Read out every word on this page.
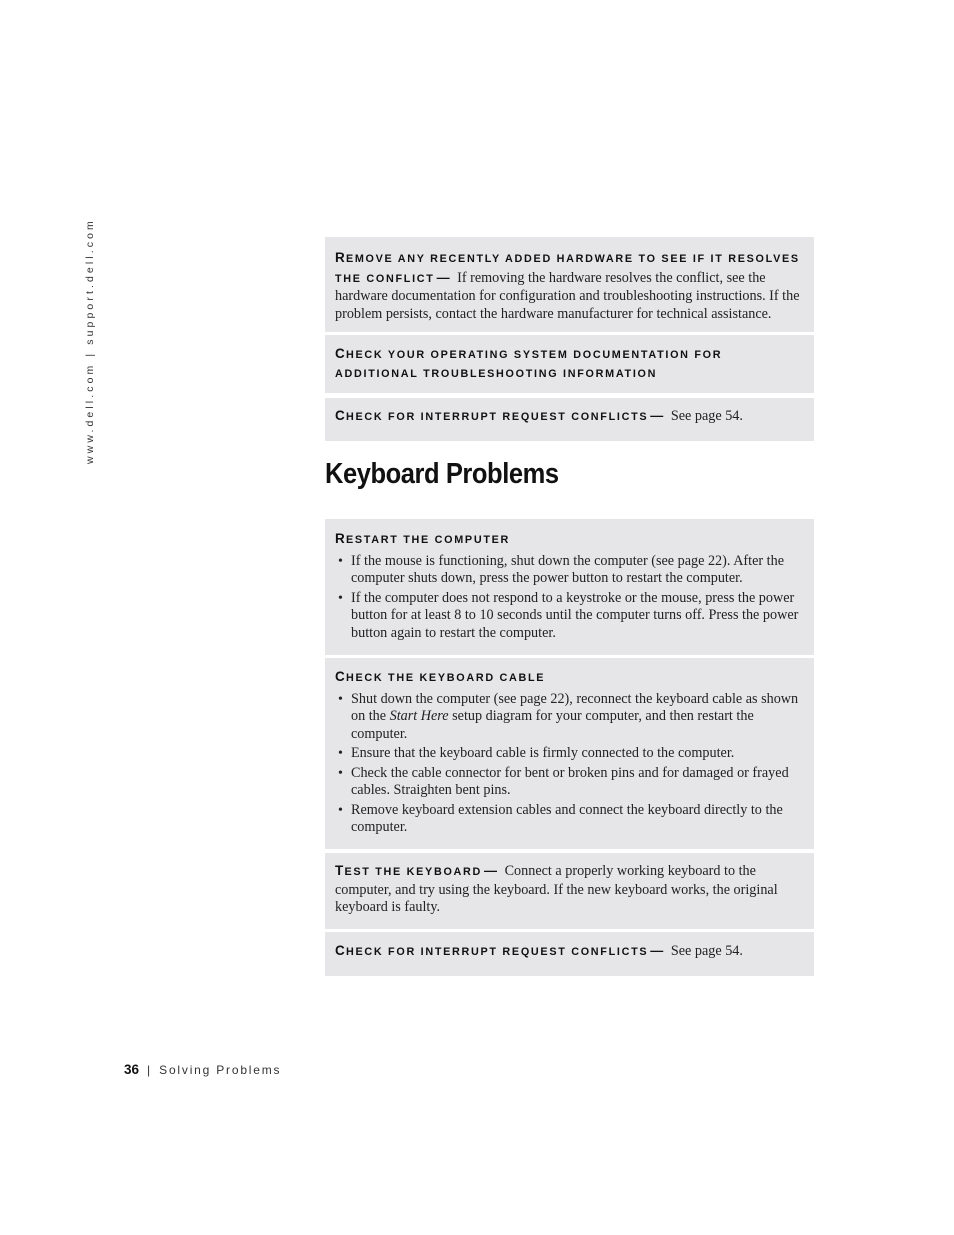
www.dell.com | support.dell.com	REMOVE ANY RECENTLY ADDED HARDWARE TO SEE IF IT RESOLVES THE CONFLICT — If removing the hardware resolves the conflict, see the hardware documentation for configuration and troubleshooting instructions. If the problem persists, contact the hardware manufacturer for technical assistance.
CHECK YOUR OPERATING SYSTEM DOCUMENTATION FOR ADDITIONAL TROUBLESHOOTING INFORMATION
CHECK FOR INTERRUPT REQUEST CONFLICTS — See page 54.
Keyboard Problems
RESTART THE COMPUTER
• If the mouse is functioning, shut down the computer (see page 22). After the computer shuts down, press the power button to restart the computer.
• If the computer does not respond to a keystroke or the mouse, press the power button for at least 8 to 10 seconds until the computer turns off. Press the power button again to restart the computer.
CHECK THE KEYBOARD CABLE
• Shut down the computer (see page 22), reconnect the keyboard cable as shown on the Start Here setup diagram for your computer, and then restart the computer.
• Ensure that the keyboard cable is firmly connected to the computer.
• Check the cable connector for bent or broken pins and for damaged or frayed cables. Straighten bent pins.
• Remove keyboard extension cables and connect the keyboard directly to the computer.
TEST THE KEYBOARD — Connect a properly working keyboard to the computer, and try using the keyboard. If the new keyboard works, the original keyboard is faulty.
CHECK FOR INTERRUPT REQUEST CONFLICTS — See page 54.
36 | Solving Problems
